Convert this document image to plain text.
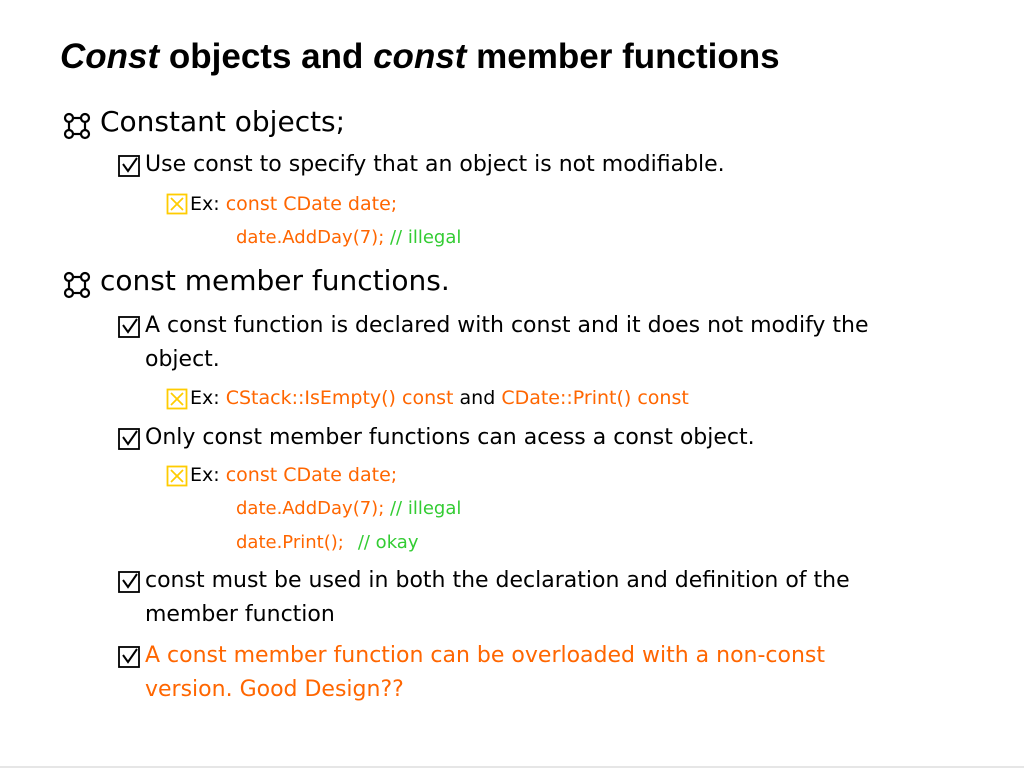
Const objects and const member functions
Constant objects;
Use const to specify that an object is not modifiable.
Ex: const CDate date;
date.AddDay(7); // illegal
const member functions.
A const function is declared with const and it does not modify the
object.
Ex: CStack::IsEmpty() const and CDate::Print() const
Only const member functions can acess a const object.
Ex: const CDate date;
date.AddDay(7); // illegal
date.Print(); // okay
const must be used in both the declaration and definition of the
member function
A const member function can be overloaded with a non-const
version. Good Design??
